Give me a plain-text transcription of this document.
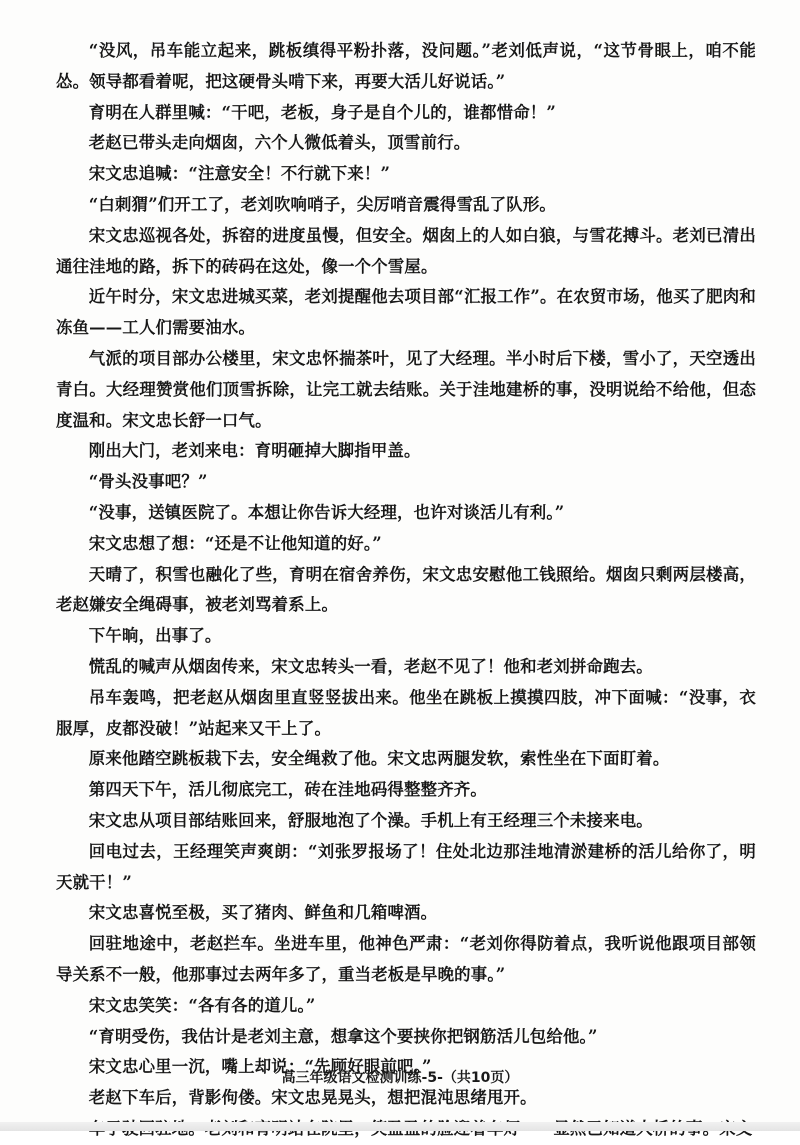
“没风，吊车能立起来，跳板缜得平粉扑落，没问题。”老刘低声说，“这节骨眼上，咱不能怂。领导都看着呢，把这硬骨头啃下来，再要大活儿好说话。”

育明在人群里喊：“干吧，老板，身子是自个儿的，谁都惜命！”

老赵已带头走向烟囱，六个人微低着头，顶雪前行。

宋文忠追喊：“注意安全！不行就下来！”

“白刺猬”们开工了，老刘吹响哨子，尖厉哨音震得雪乱了队形。

宋文忠巡视各处，拆窑的进度虽慢，但安全。烟囱上的人如白狼，与雪花搏斗。老刘已清出通往洼地的路，拆下的砖码在这处，像一个个雪屋。

近午时分，宋文忠进城买菜，老刘提醒他去项目部“汇报工作”。在农贸市场，他买了肥肉和冻鱼——工人们需要油水。

气派的项目部办公楼里，宋文忠怀揣茶叶，见了大经理。半小时后下楼，雪小了，天空透出青白。大经理赞赏他们顶雪拆除，让完工就去结账。关于洼地建桥的事，没明说给不给他，但态度温和。宋文忠长舒一口气。

刚出大门，老刘来电：育明砸掉大脚指甲盖。

“骨头没事吧？”

“没事，送镇医院了。本想让你告诉大经理，也许对谈活儿有利。”

宋文忠想了想：“还是不让他知道的好。”

天晴了，积雪也融化了些，育明在宿舍养伤，宋文忠安慰他工钱照给。烟囱只剩两层楼高，老赵嫌安全绳碍事，被老刘骂着系上。

下午晌，出事了。

慌乱的喊声从烟囱传来，宋文忠转头一看，老赵不见了！他和老刘拼命跑去。

吊车轰鸣，把老赵从烟囱里直竖竖拔出来。他坐在跳板上摸摸四肢，冲下面喊：“没事，衣服厚，皮都没破！”站起来又干上了。

原来他踏空跳板栽下去，安全绳救了他。宋文忠两腿发软，索性坐在下面盯着。

第四天下午，活儿彻底完工，砖在洼地码得整整齐齐。

宋文忠从项目部结账回来，舒服地泡了个澡。手机上有王经理三个未接来电。

回电过去，王经理笑声爽朗：“刘张罗报场了！住处北边那洼地清淤建桥的活儿给你了，明天就干！”

宋文忠喜悦至极，买了猪肉、鲜鱼和几箱啤酒。

回驻地途中，老赵拦车。坐进车里，他神色严肃：“老刘你得防着点，我听说他跟项目部领导关系不一般，他那事过去两年多了，重当老板是早晚的事。”

宋文忠笑笑：“各有各的道儿。”

“育明受伤，我估计是老刘主意，想拿这个要挟你把钢筋活儿包给他。”

宋文忠心里一沉，嘴上却说：“先顾好眼前吧。”

老赵下车后，背影佝偻。宋文忠晃晃头，想把混沌思绪甩开。

高三年级语文检测训练-5-（共10页）
